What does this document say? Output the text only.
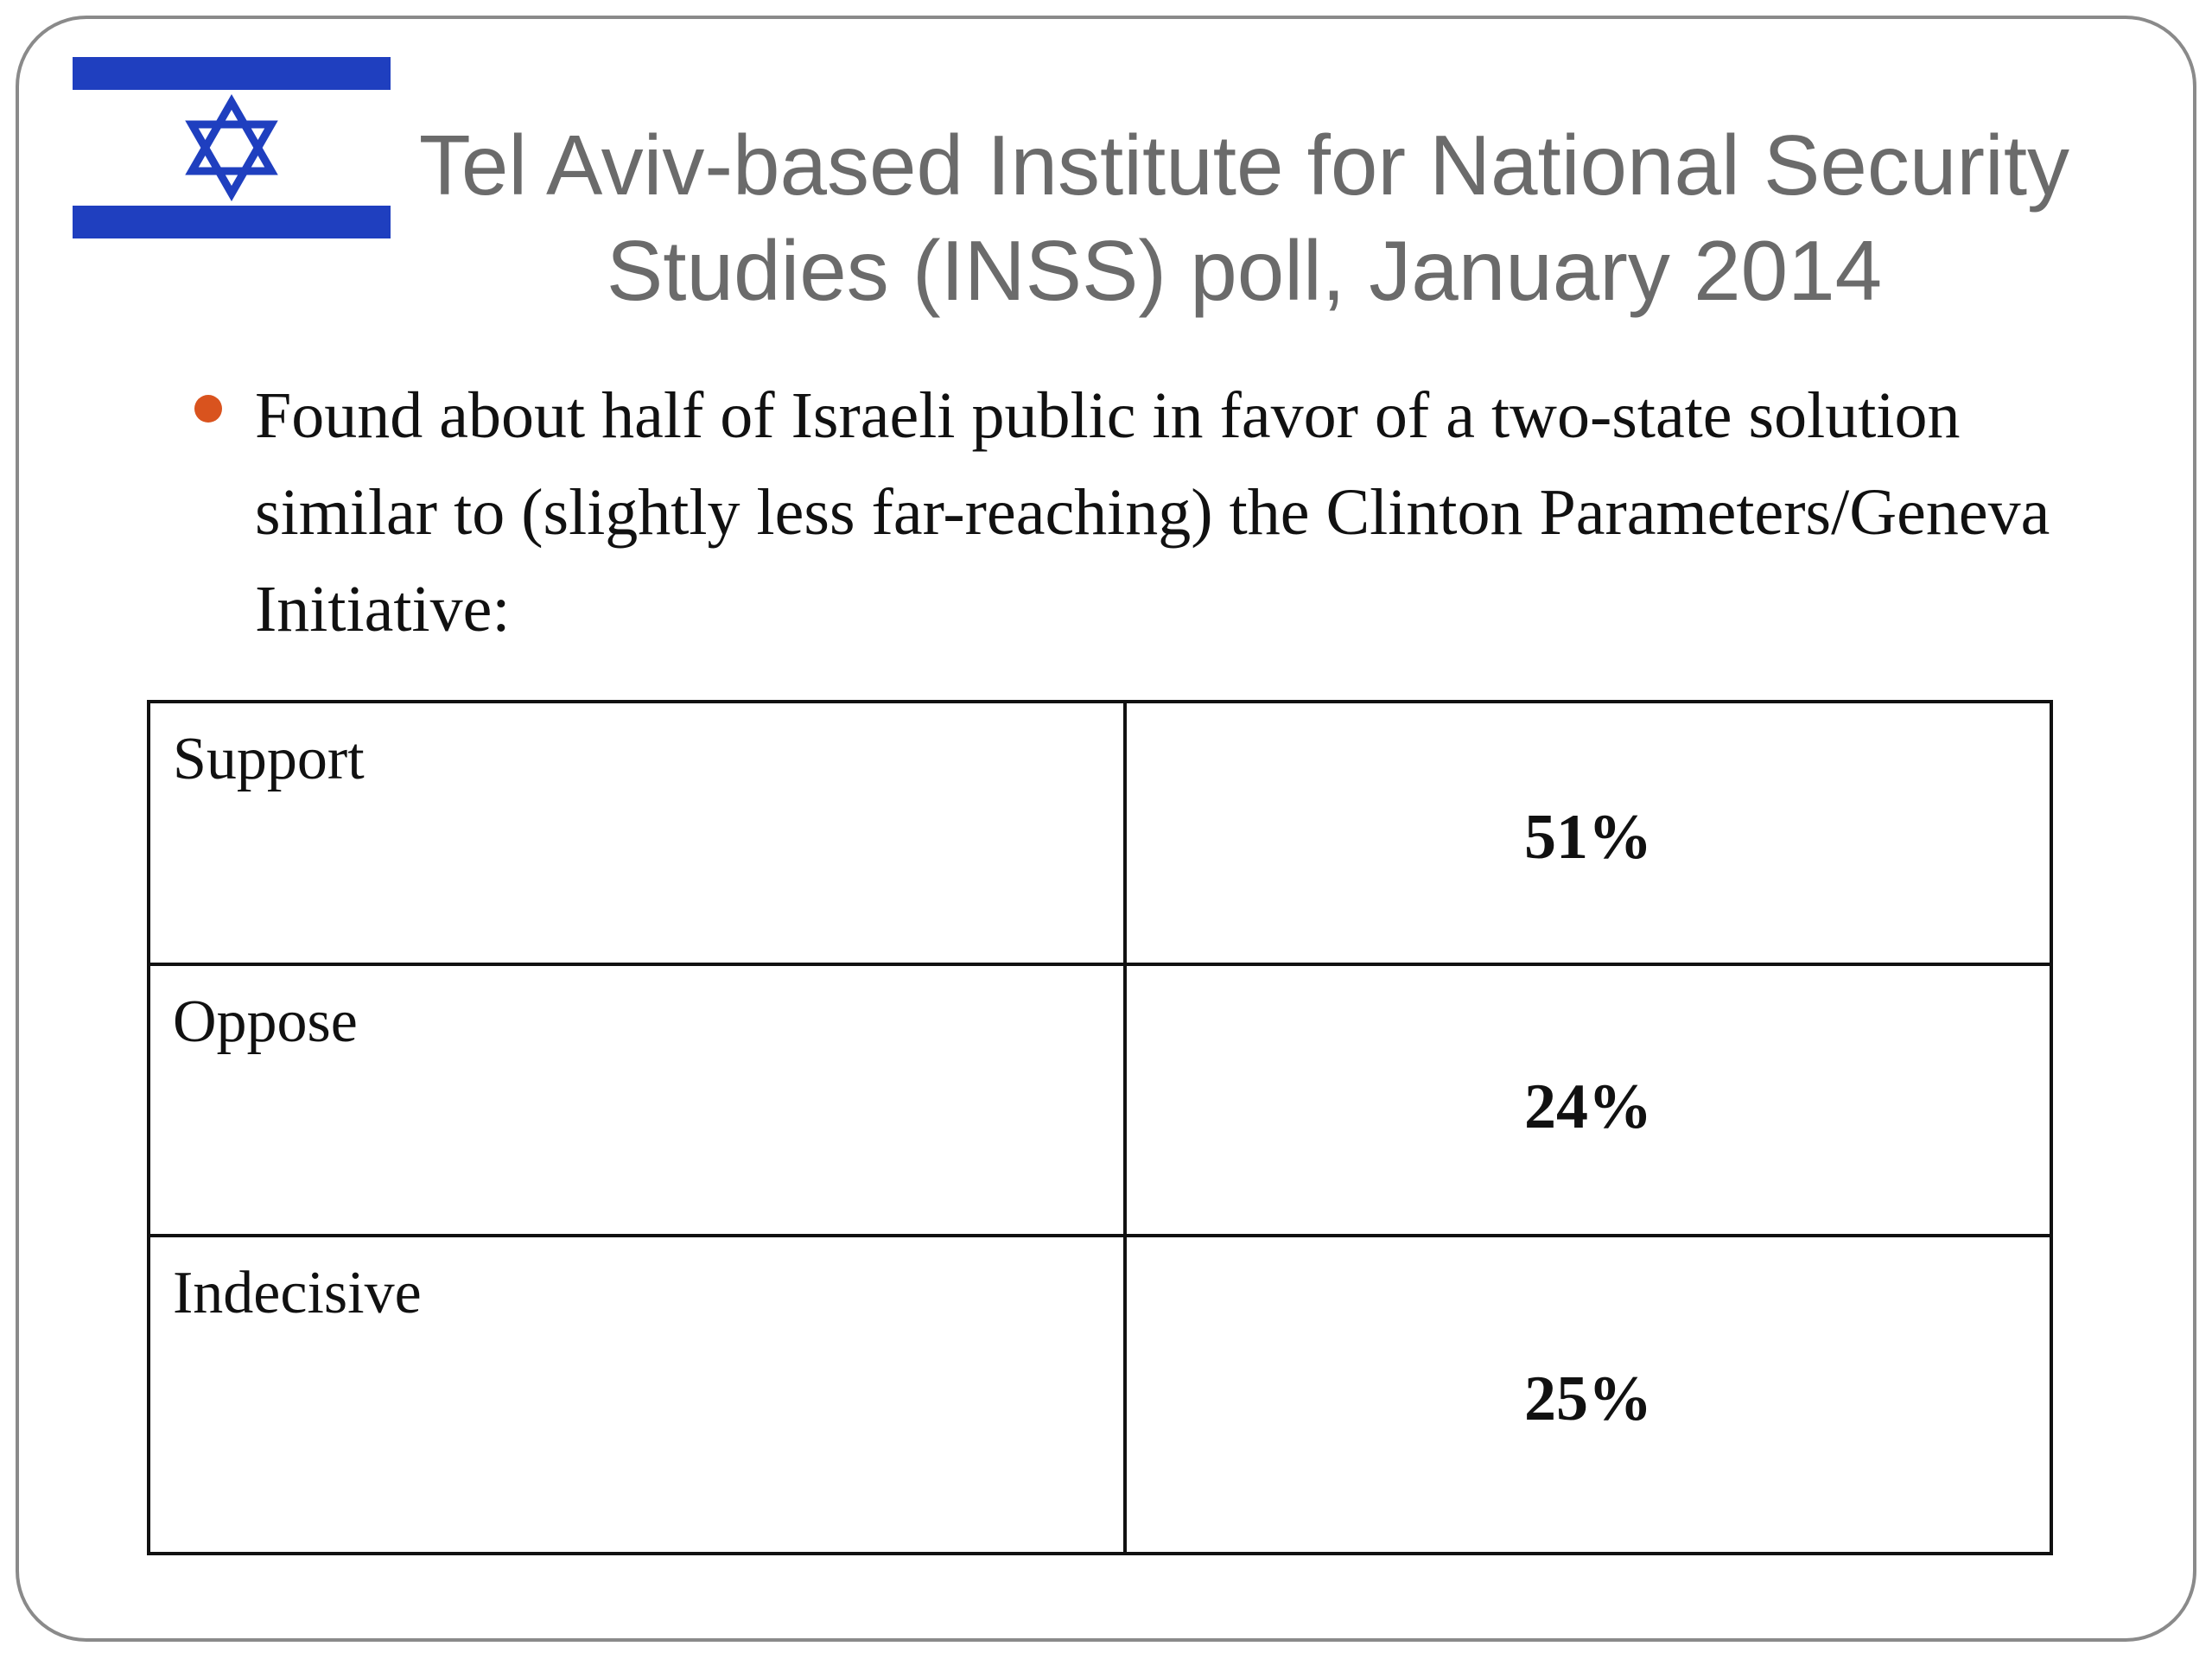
Tel Aviv-based Institute for National Security
Studies (INSS) poll, January 2014
Found about half of Israeli public in favor of a two-state solution similar to (slightly less far-reaching) the Clinton Parameters/Geneva Initiative:
Support	51%
Oppose	24%
Indecisive	25%
